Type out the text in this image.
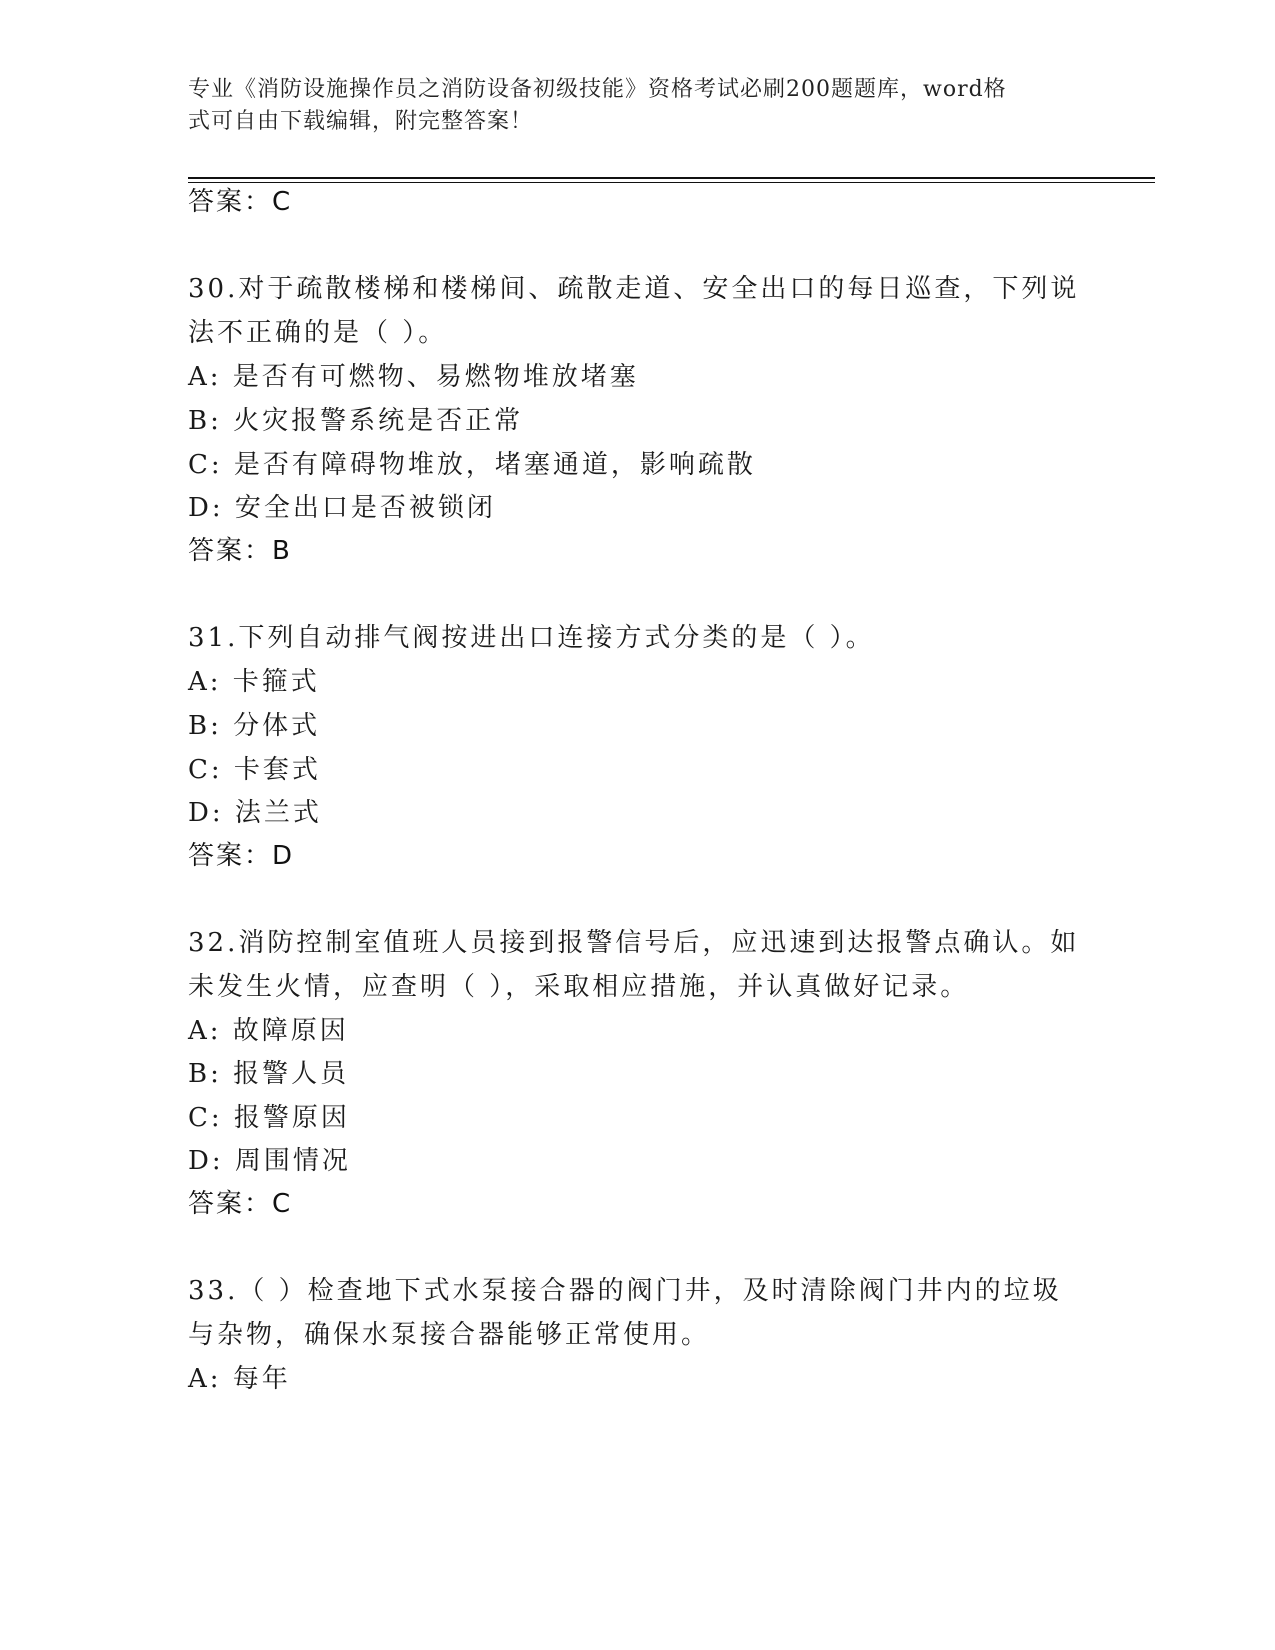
专业《消防设施操作员之消防设备初级技能》资格考试必刷200题题库，word格
式可自由下载编辑，附完整答案！
答案：C
30.对于疏散楼梯和楼梯间、疏散走道、安全出口的每日巡查，下列说
法不正确的是（ ）。
A: 是否有可燃物、易燃物堆放堵塞
B: 火灾报警系统是否正常
C: 是否有障碍物堆放，堵塞通道，影响疏散
D: 安全出口是否被锁闭
答案：B
31.下列自动排气阀按进出口连接方式分类的是（ ）。
A: 卡箍式
B: 分体式
C: 卡套式
D: 法兰式
答案：D
32.消防控制室值班人员接到报警信号后，应迅速到达报警点确认。如
未发生火情，应查明（ ），采取相应措施，并认真做好记录。
A: 故障原因
B: 报警人员
C: 报警原因
D: 周围情况
答案：C
33.（ ）检查地下式水泵接合器的阀门井，及时清除阀门井内的垃圾
与杂物，确保水泵接合器能够正常使用。
A: 每年
